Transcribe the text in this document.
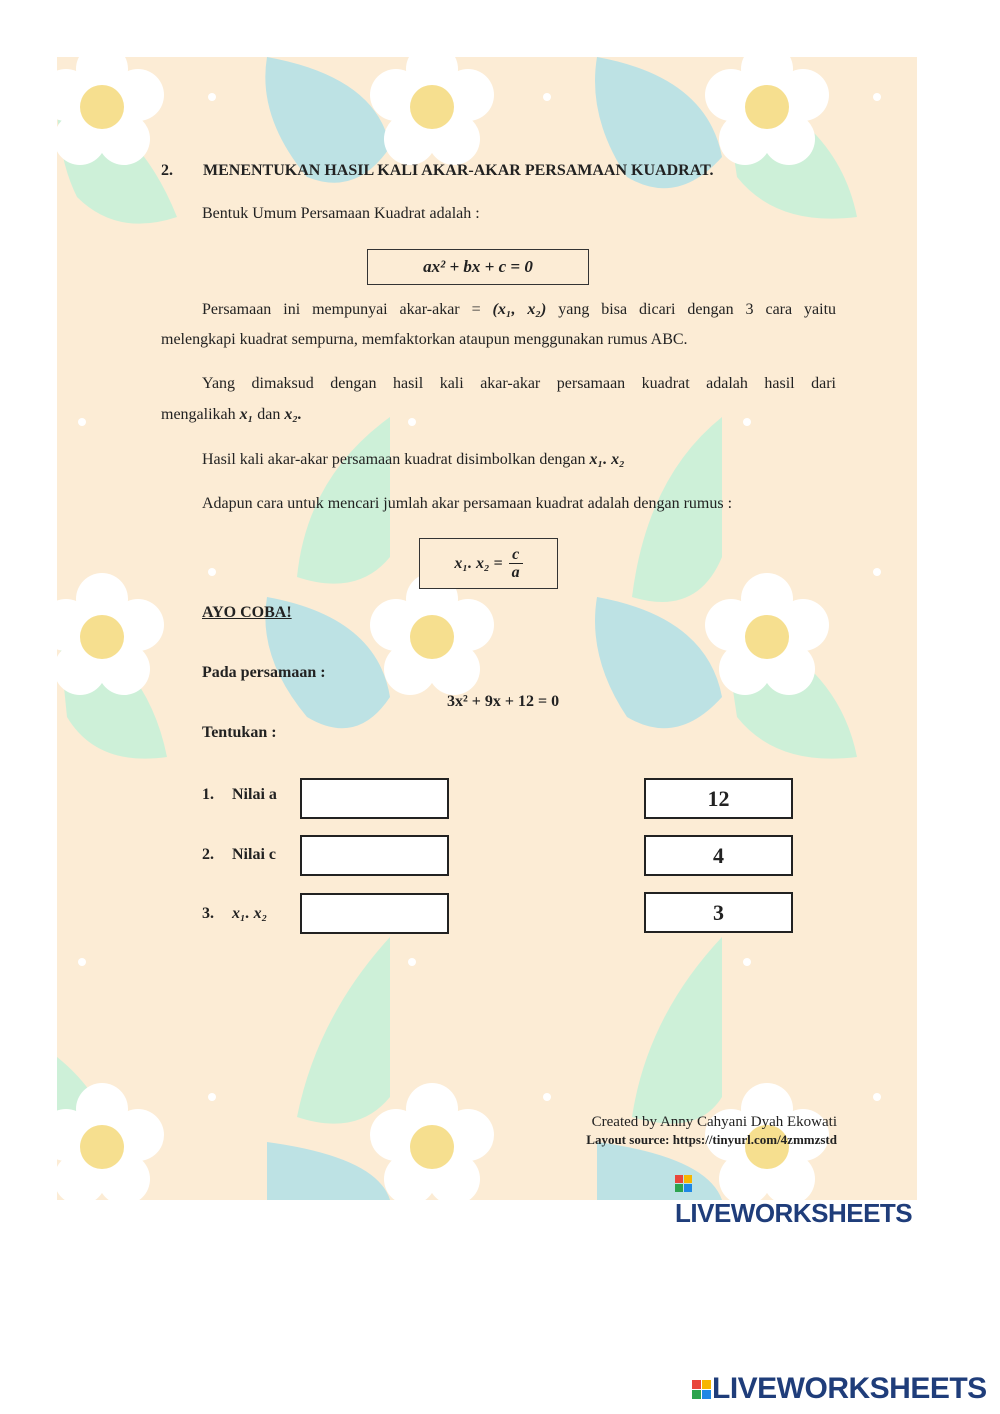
2. MENENTUKAN HASIL KALI AKAR-AKAR PERSAMAAN KUADRAT.
Bentuk Umum Persamaan Kuadrat adalah :
ax² + bx + c = 0
Persamaan ini mempunyai akar-akar = (x₁, x₂) yang bisa dicari dengan 3 cara yaitu
melengkapi kuadrat sempurna, memfaktorkan ataupun menggunakan rumus ABC.
Yang dimaksud dengan hasil kali akar-akar persamaan kuadrat adalah hasil dari
mengalikah x₁ dan x₂.
Hasil kali akar-akar persamaan kuadrat disimbolkan dengan x₁. x₂
Adapun cara untuk mencari jumlah akar persamaan kuadrat adalah dengan rumus :
x₁. $x_2 = \frac{c}{a}$
AYO COBA!
Pada persamaan :
3x² + 9x + 12 = 0
Tentukan :
1. Nilai a
2. Nilai c
3. x₁. x₂
12
4
3
Created by Anny Cahyani Dyah Ekowati
Layout source: https://tinyurl.com/4zmmzstd
LIVEWORKSHEETS
LIVEWORKSHEETS
